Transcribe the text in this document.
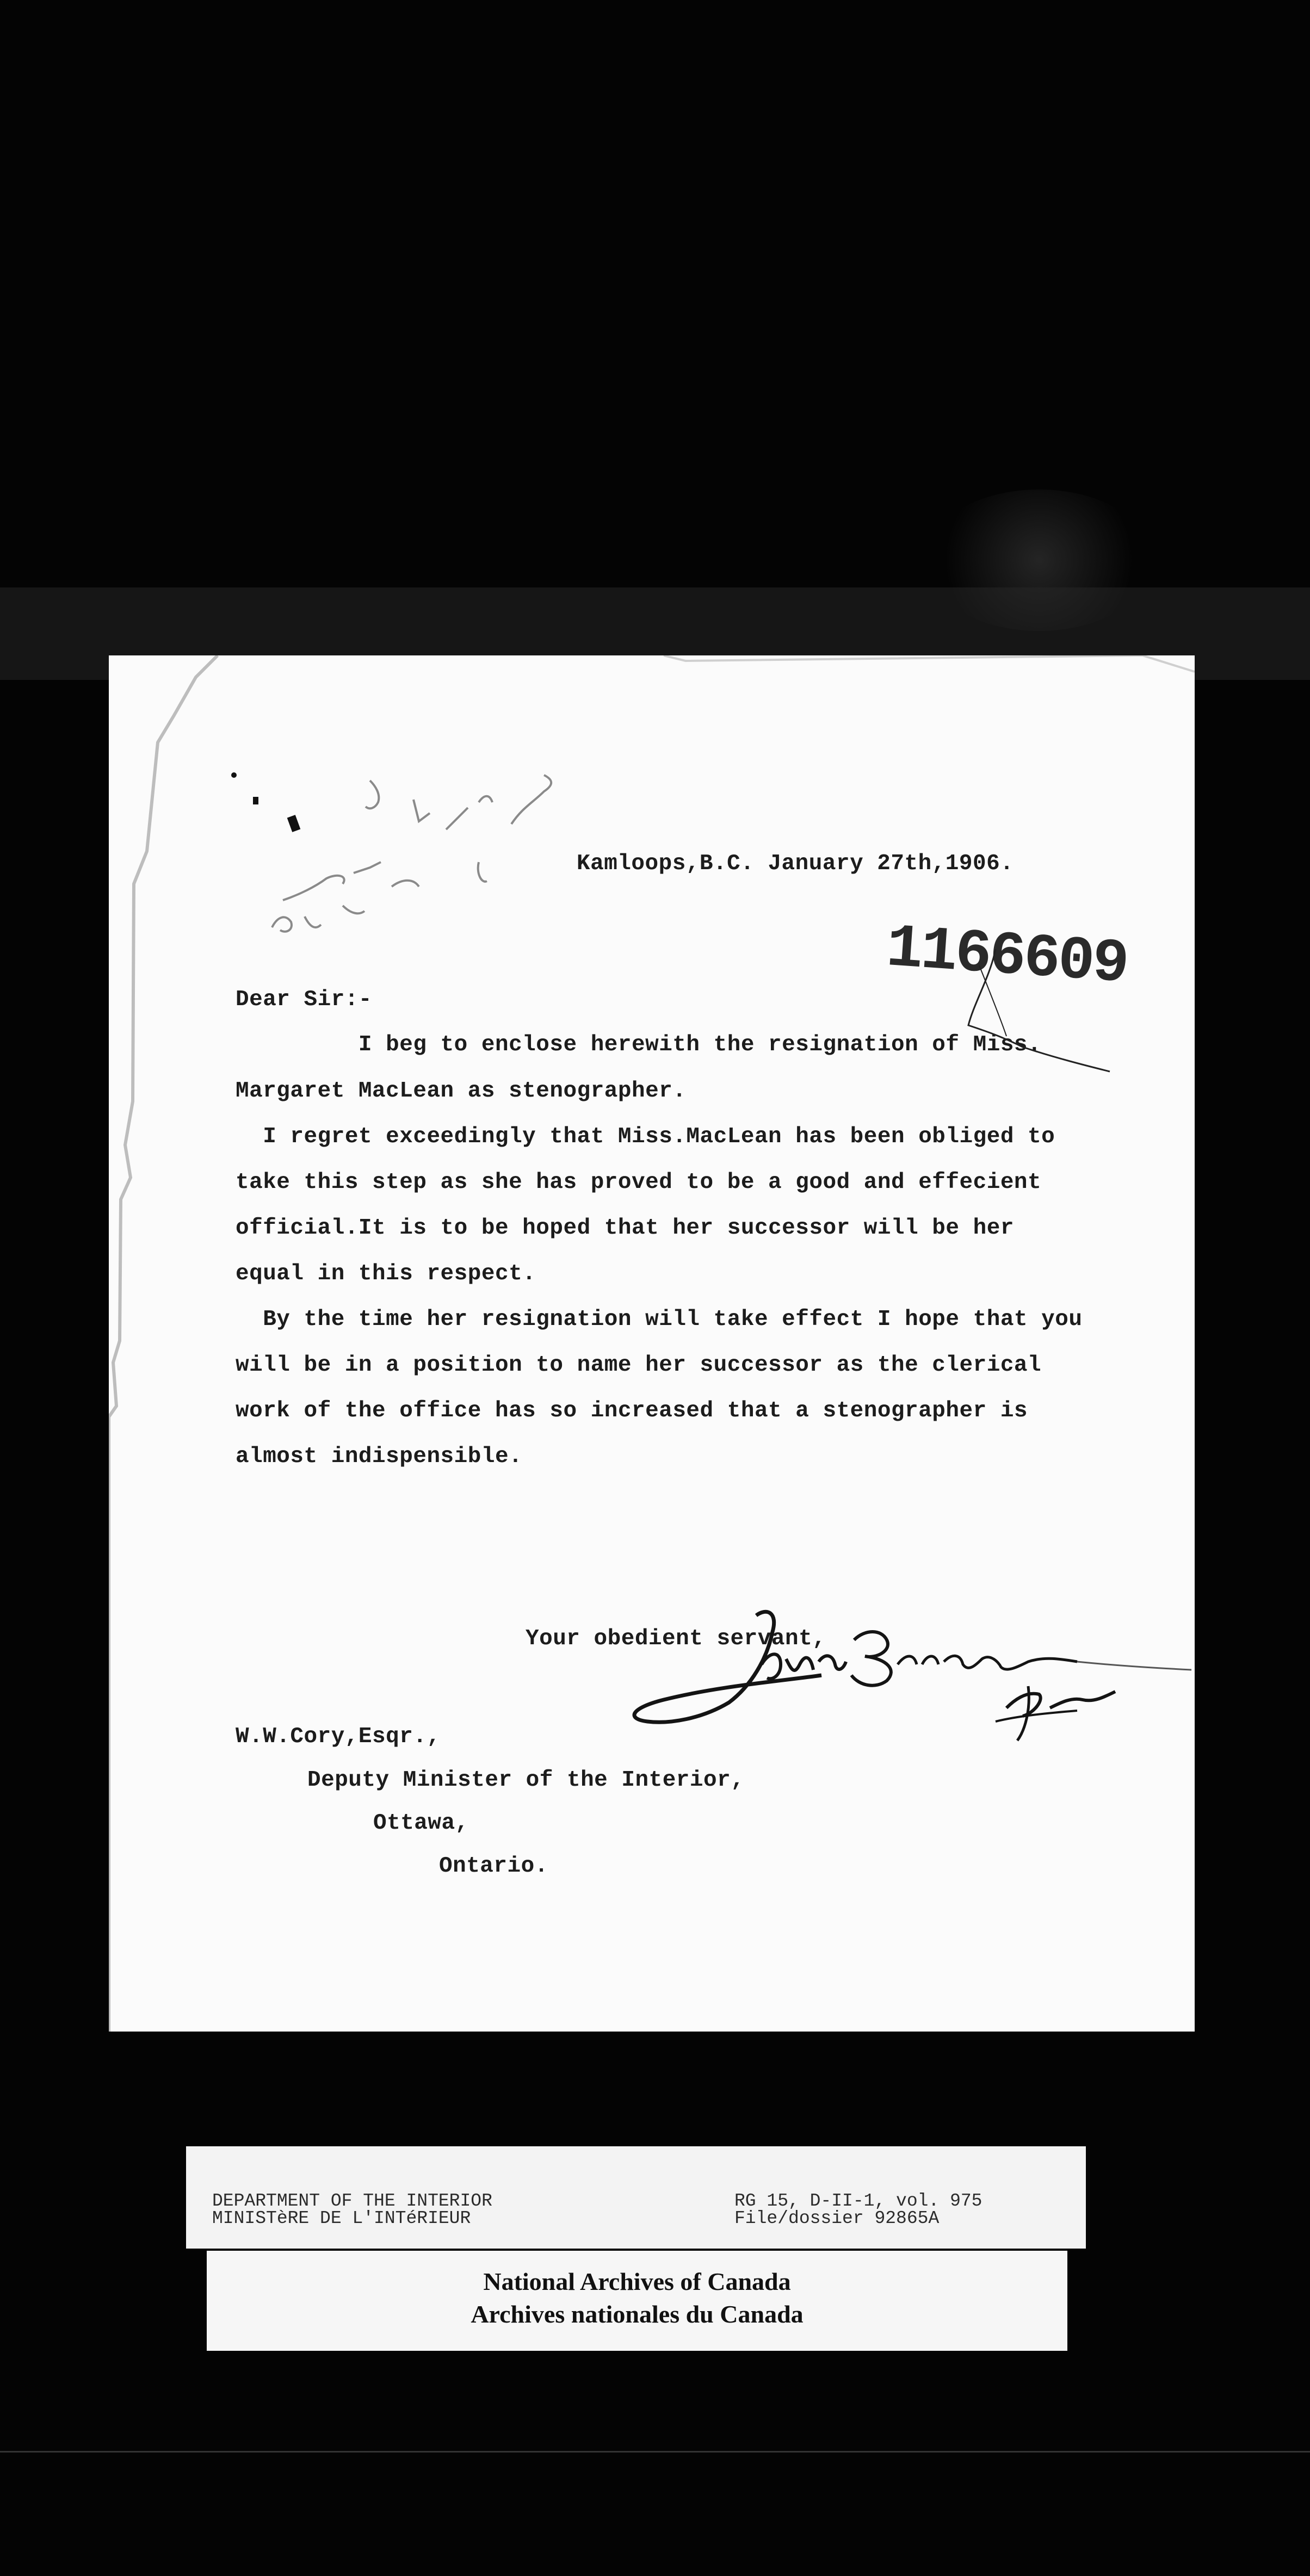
Kamloops,B.C. January 27th,1906.
1166609
Dear Sir:-
I beg to enclose herewith the resignation of Miss.
Margaret MacLean as stenographer.
I regret exceedingly that Miss.MacLean has been obliged to
take this step as she has proved to be a good and effecient
official.It is to be hoped that her successor will be her
equal in this respect.
By the time her resignation will take effect I hope that you
will be in a position to name her successor as the clerical
work of the office has so increased that a stenographer is
almost indispensible.
Your obedient servant,
W.W.Cory,Esqr.,
Deputy Minister of the Interior,
Ottawa,
Ontario.
DEPARTMENT OF THE INTERIOR
MINISTèRE DE L'INTéRIEUR
RG 15, D-II-1, vol. 975
File/dossier 92865A
National Archives of Canada
Archives nationales du Canada
